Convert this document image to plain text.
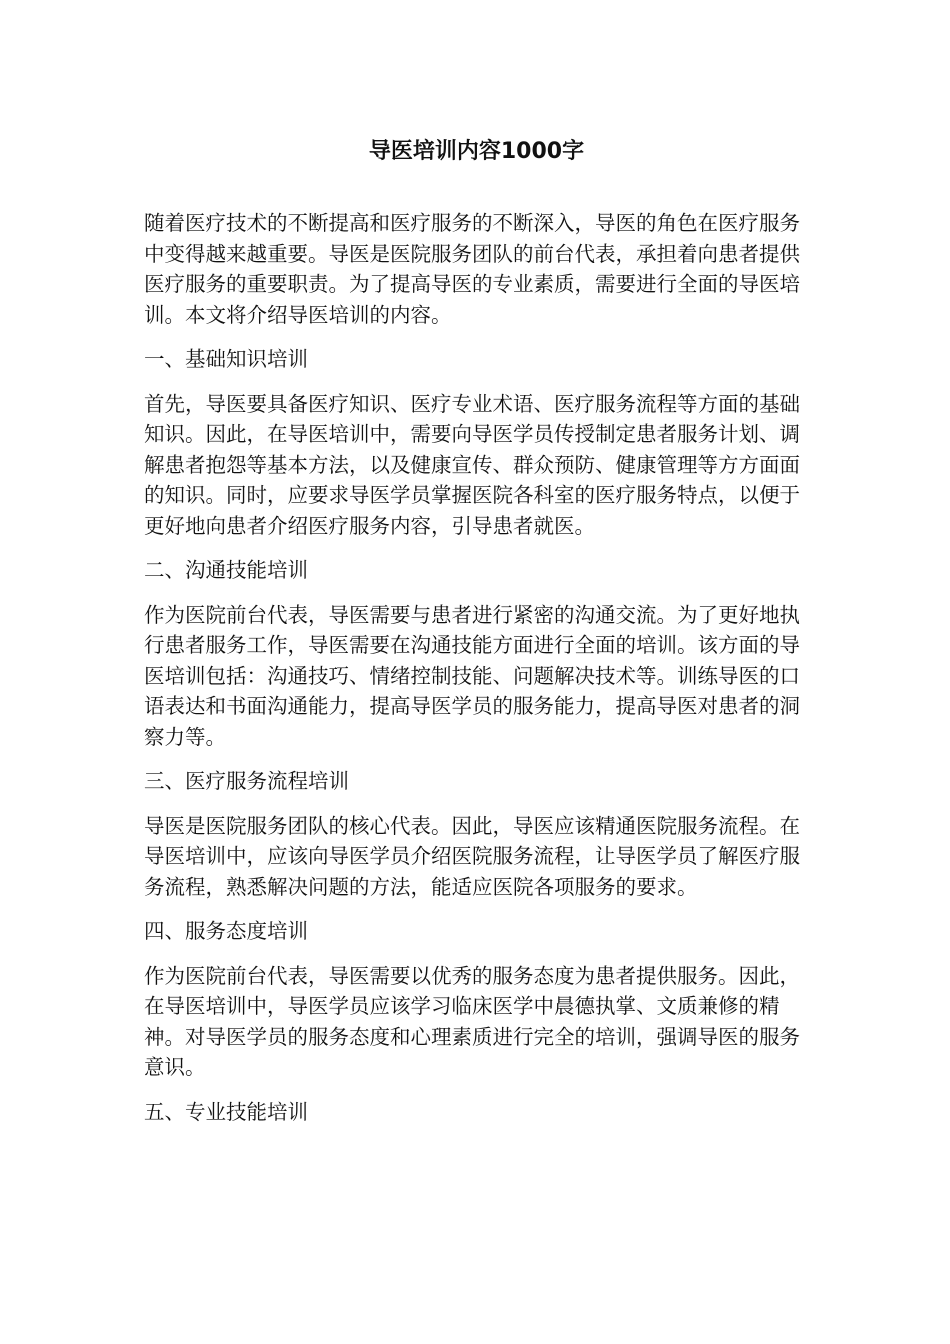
导医培训内容1000字

随着医疗技术的不断提高和医疗服务的不断深入，导医的角色在医疗服务中变得越来越重要。导医是医院服务团队的前台代表，承担着向患者提供医疗服务的重要职责。为了提高导医的专业素质，需要进行全面的导医培训。本文将介绍导医培训的内容。

一、基础知识培训

首先，导医要具备医疗知识、医疗专业术语、医疗服务流程等方面的基础知识。因此，在导医培训中，需要向导医学员传授制定患者服务计划、调解患者抱怨等基本方法，以及健康宣传、群众预防、健康管理等方方面面的知识。同时，应要求导医学员掌握医院各科室的医疗服务特点，以便于更好地向患者介绍医疗服务内容，引导患者就医。

二、沟通技能培训

作为医院前台代表，导医需要与患者进行紧密的沟通交流。为了更好地执行患者服务工作，导医需要在沟通技能方面进行全面的培训。该方面的导医培训包括：沟通技巧、情绪控制技能、问题解决技术等。训练导医的口语表达和书面沟通能力，提高导医学员的服务能力，提高导医对患者的洞察力等。

三、医疗服务流程培训

导医是医院服务团队的核心代表。因此，导医应该精通医院服务流程。在导医培训中，应该向导医学员介绍医院服务流程，让导医学员了解医疗服务流程，熟悉解决问题的方法，能适应医院各项服务的要求。

四、服务态度培训

作为医院前台代表，导医需要以优秀的服务态度为患者提供服务。因此，在导医培训中，导医学员应该学习临床医学中晨德执掌、文质兼修的精神。对导医学员的服务态度和心理素质进行完全的培训，强调导医的服务意识。

五、专业技能培训
